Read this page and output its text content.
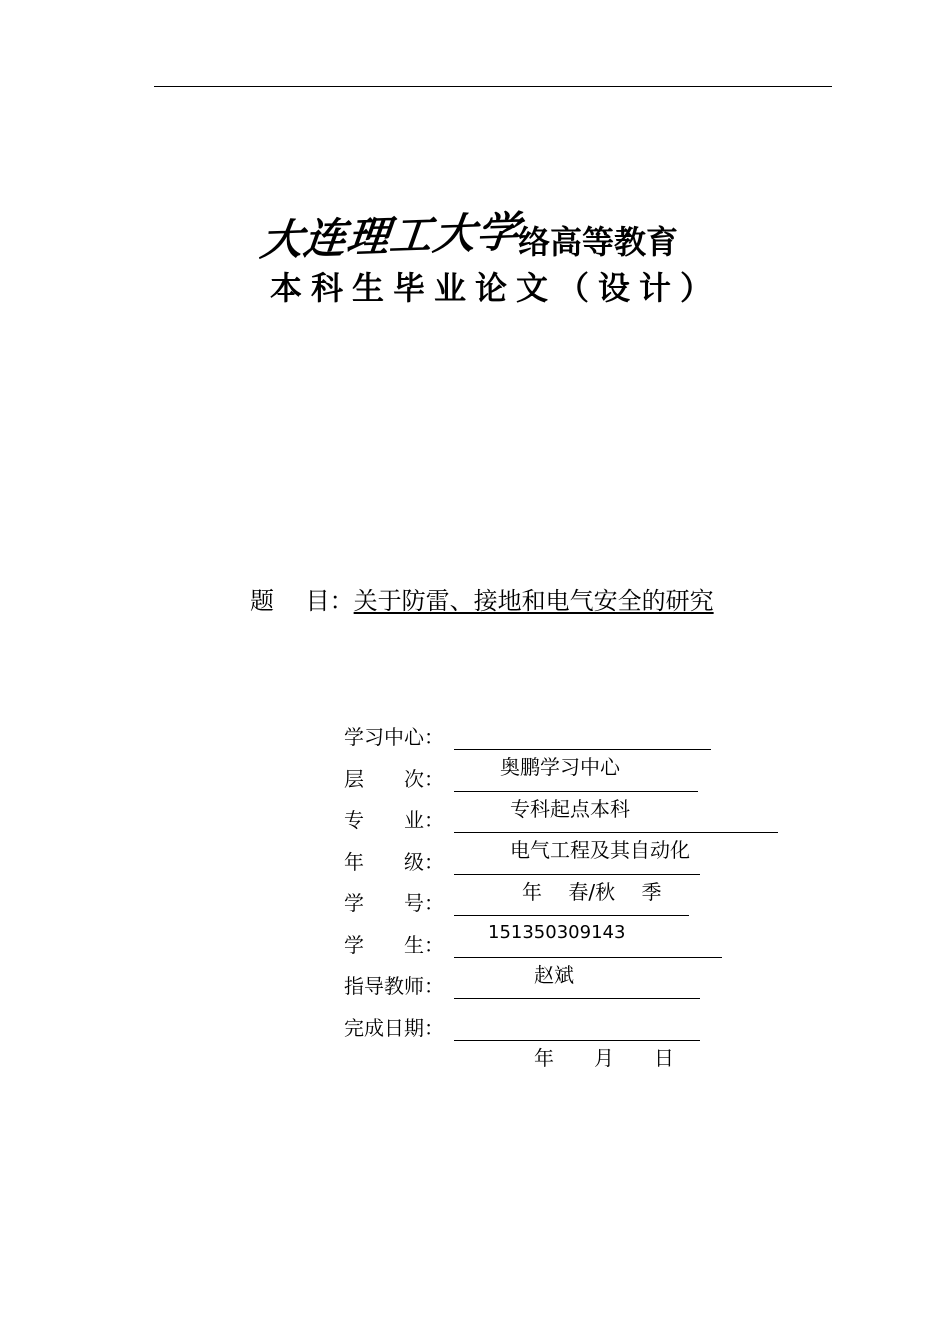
大连理工大学
络高等教育
本科生毕业论文（设计）
题　 目： 关于防雷、接地和电气安全的研究
学习中心：

奥鹏学习中心

层　　次：

专科起点本科

专　　业：

电气工程及其自动化

年　　级：

年　 春/秋　 季

学　　号：

151350309143

学　　生：

赵斌

指导教师：

完成日期：

年　　月　　日
